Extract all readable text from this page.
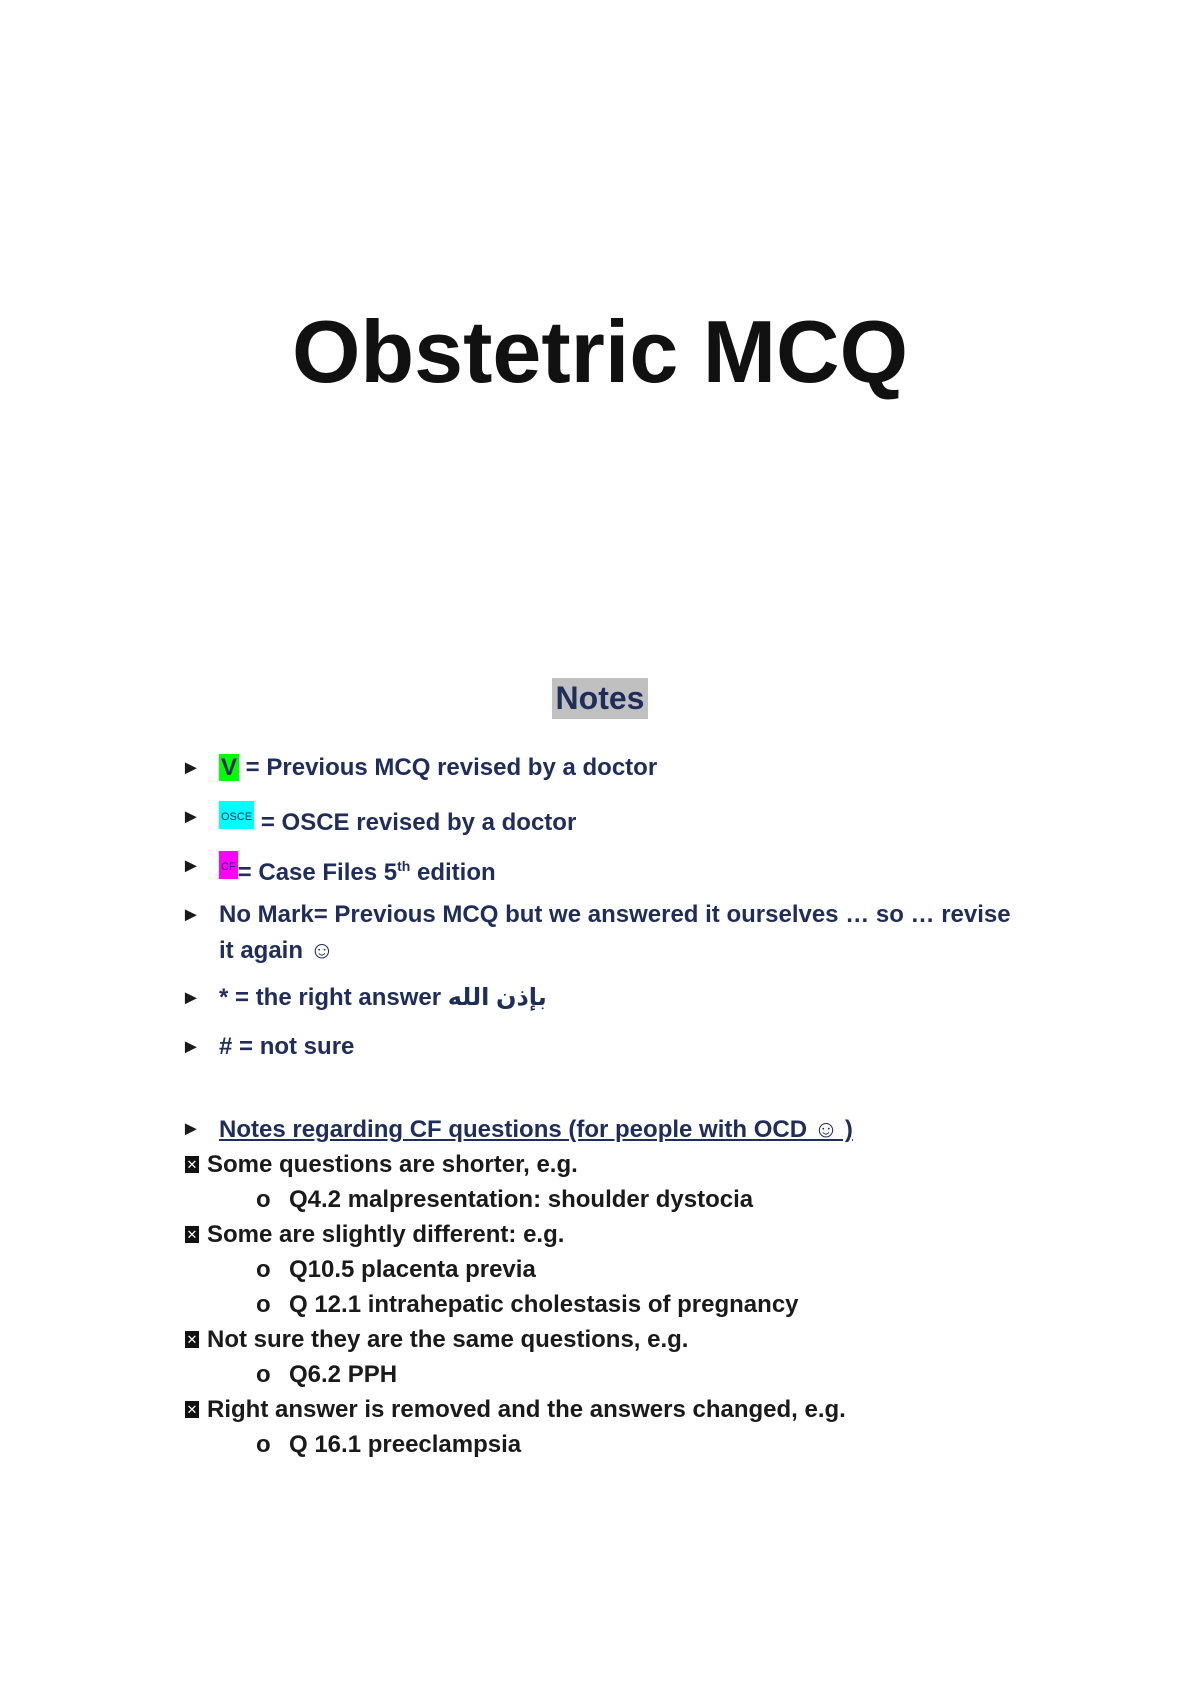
Obstetric MCQ
Notes
► V = Previous MCQ revised by a doctor
► $^{OSCE}$ = OSCE revised by a doctor
► $^{CF}$= Case Files 5th edition
► No Mark= Previous MCQ but we answered it ourselves … so … revise
it again ☺
► * = the right answer بإذن الله
► # = not sure
► Notes regarding CF questions (for people with OCD ☺ )
✕ Some questions are shorter, e.g.
o Q4.2 malpresentation: shoulder dystocia
✕ Some are slightly different: e.g.
o Q10.5 placenta previa
o Q 12.1 intrahepatic cholestasis of pregnancy
✕ Not sure they are the same questions, e.g.
o Q6.2 PPH
✕ Right answer is removed and the answers changed, e.g.
o Q 16.1 preeclampsia
